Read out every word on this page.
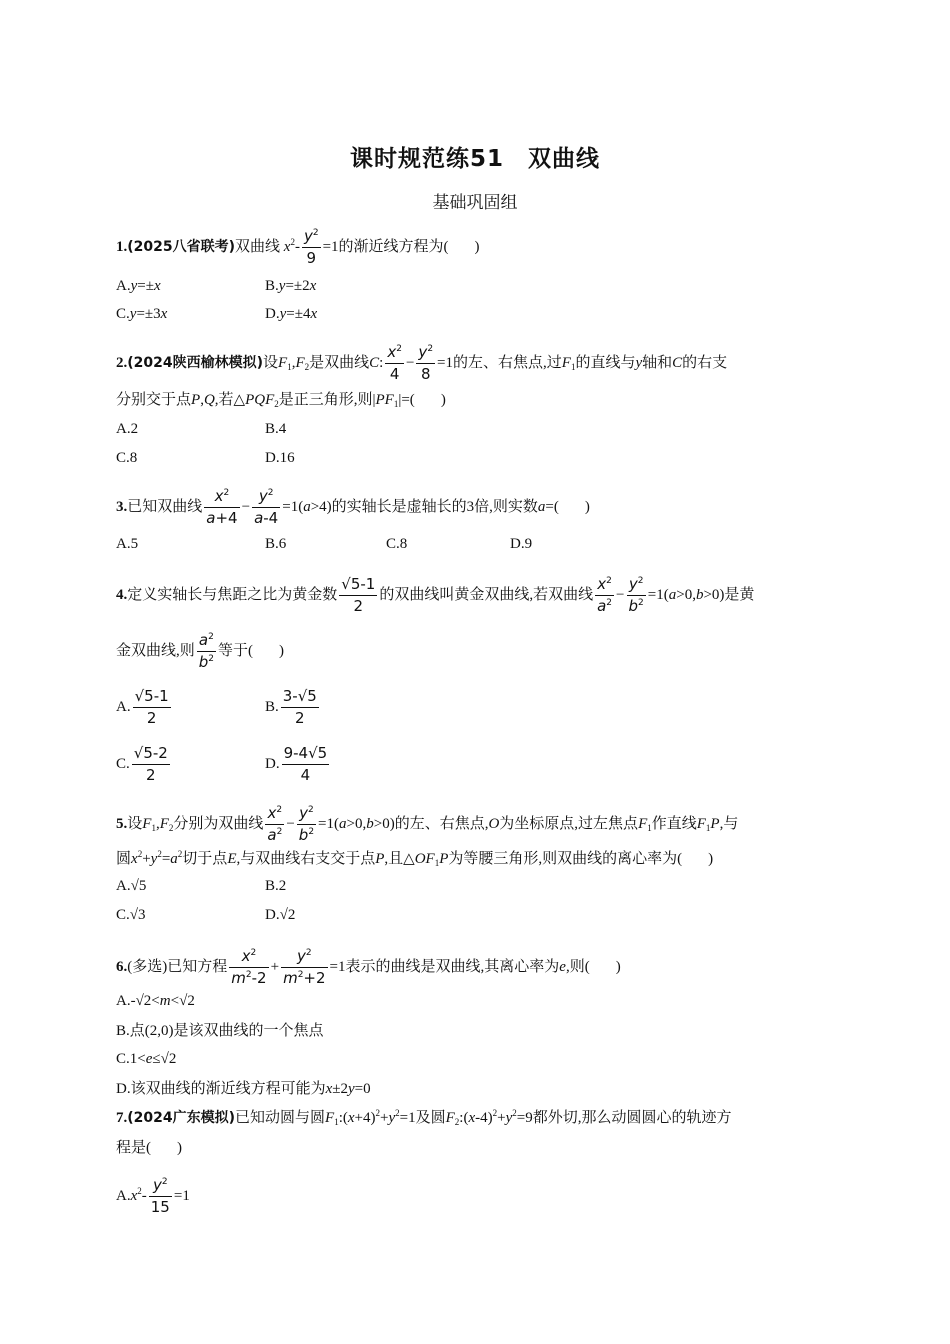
课时规范练51　双曲线
基础巩固组
1.(2025八省联考)双曲线 $x^2- \frac{y^2}{9} =1$的渐近线方程为( )
A.y=±x	B.y=±2x
C.y=±3x	D.y=±4x
2.(2024陕西榆林模拟)设$F_1,F_2$是双曲线C: $\frac{x^2}{4} - \frac{y^2}{8} =1$的左、右焦点,过$F_1$的直线与y轴和C的右支
分别交于点P,Q,若$\triangle PQF_2$是正三角形,则$|PF_1|=$( )
A.2	B.4
C.8	D.16
3.已知双曲线 $\frac{x^2}{a+4} - \frac{y^2}{a-4} =1(a>4)$的实轴长是虚轴长的3倍,则实数a=( )
A.5	B.6	C.8	D.9
4.定义实轴长与焦距之比为黄金数 $\frac{√5-1}{2}$ 的双曲线叫黄金双曲线,若双曲线 $\frac{x^2}{a^2} - \frac{y^2}{b^2} =1(a>0,b>0)$是黄
金双曲线,则 $\frac{a^2}{b^2}$ 等于( )
A. $\frac{√5-1}{2}$	B. $\frac{3-√5}{2}$
C. $\frac{√5-2}{2}$	D. $\frac{9-4√5}{4}$
5.设$F_1,F_2$分别为双曲线 $\frac{x^2}{a^2} - \frac{y^2}{b^2} =1(a>0,b>0)$的左、右焦点,O为坐标原点,过左焦点$F_1$作直线$F_1P$,与
圆$x^2+y^2=a^2$切于点E,与双曲线右支交于点P,且$\triangle OF_1P$为等腰三角形,则双曲线的离心率为( )
A.√5	B.2
C.√3	D.√2
6.(多选)已知方程 $\frac{x^2}{m^2-2} + \frac{y^2}{m^2+2} =1$表示的曲线是双曲线,其离心率为e,则( )
A.-√2<m<√2
B.点(2,0)是该双曲线的一个焦点
C.1<e≤√2
D.该双曲线的渐近线方程可能为x±2y=0
7.(2024广东模拟)已知动圆与圆$F_1:(x+4)^2+y^2=1$及圆$F_2:(x-4)^2+y^2=9$都外切,那么动圆圆心的轨迹方
程是( )
$A.x^2- \frac{y^2}{15} =1$
